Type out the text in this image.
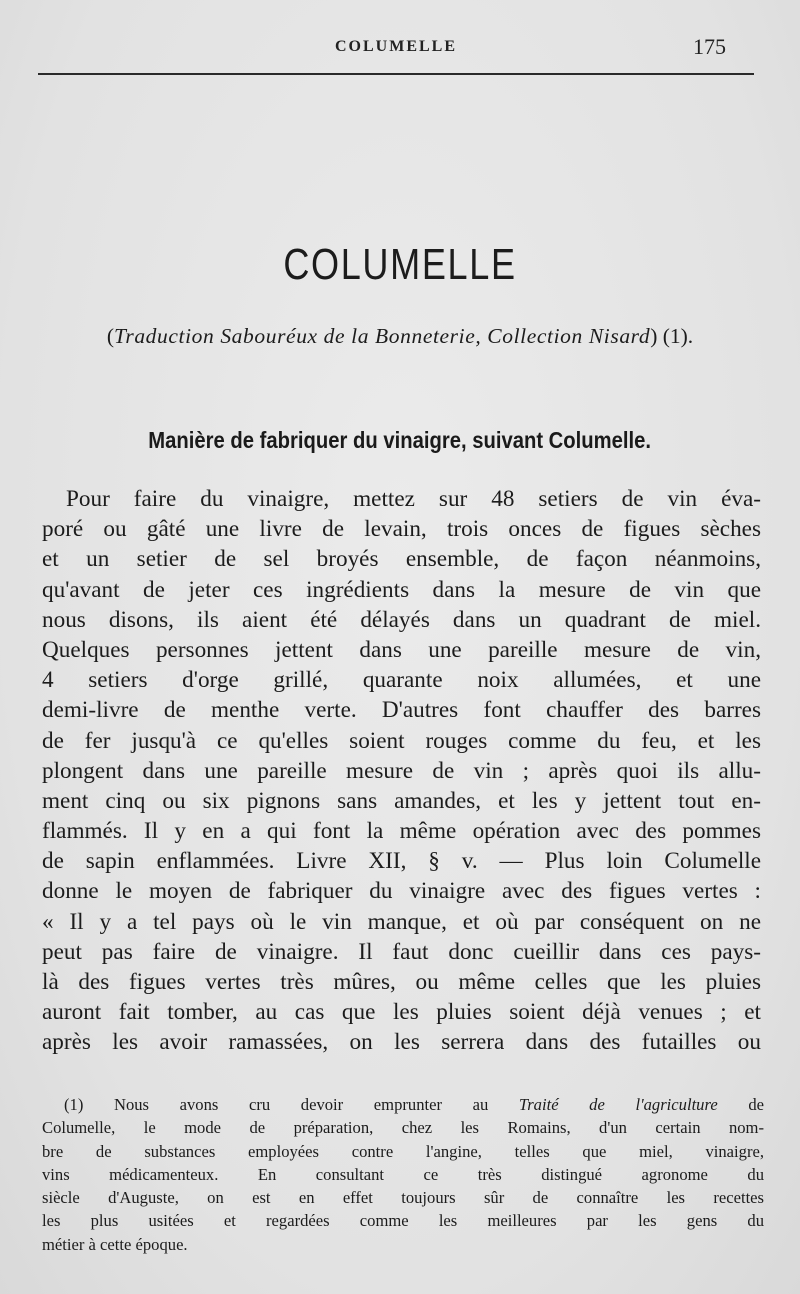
COLUMELLE	175
COLUMELLE
(Traduction Sabouréux de la Bonneterie, Collection Nisard) (1).
Manière de fabriquer du vinaigre, suivant Columelle.
Pour faire du vinaigre, mettez sur 48 setiers de vin éva-
poré ou gâté une livre de levain, trois onces de figues sèches
et un setier de sel broyés ensemble, de façon néanmoins,
qu'avant de jeter ces ingrédients dans la mesure de vin que
nous disons, ils aient été délayés dans un quadrant de miel.
Quelques personnes jettent dans une pareille mesure de vin,
4 setiers d'orge grillé, quarante noix allumées, et une
demi-livre de menthe verte. D'autres font chauffer des barres
de fer jusqu'à ce qu'elles soient rouges comme du feu, et les
plongent dans une pareille mesure de vin ; après quoi ils allu-
ment cinq ou six pignons sans amandes, et les y jettent tout en-
flammés. Il y en a qui font la même opération avec des pommes
de sapin enflammées. Livre XII, § v. — Plus loin Columelle
donne le moyen de fabriquer du vinaigre avec des figues vertes :
« Il y a tel pays où le vin manque, et où par conséquent on ne
peut pas faire de vinaigre. Il faut donc cueillir dans ces pays-
là des figues vertes très mûres, ou même celles que les pluies
auront fait tomber, au cas que les pluies soient déjà venues ; et
après les avoir ramassées, on les serrera dans des futailles ou
(1) Nous avons cru devoir emprunter au Traité de l'agriculture de
Columelle, le mode de préparation, chez les Romains, d'un certain nom-
bre de substances employées contre l'angine, telles que miel, vinaigre,
vins médicamenteux. En consultant ce très distingué agronome du
siècle d'Auguste, on est en effet toujours sûr de connaître les recettes
les plus usitées et regardées comme les meilleures par les gens du
métier à cette époque.
